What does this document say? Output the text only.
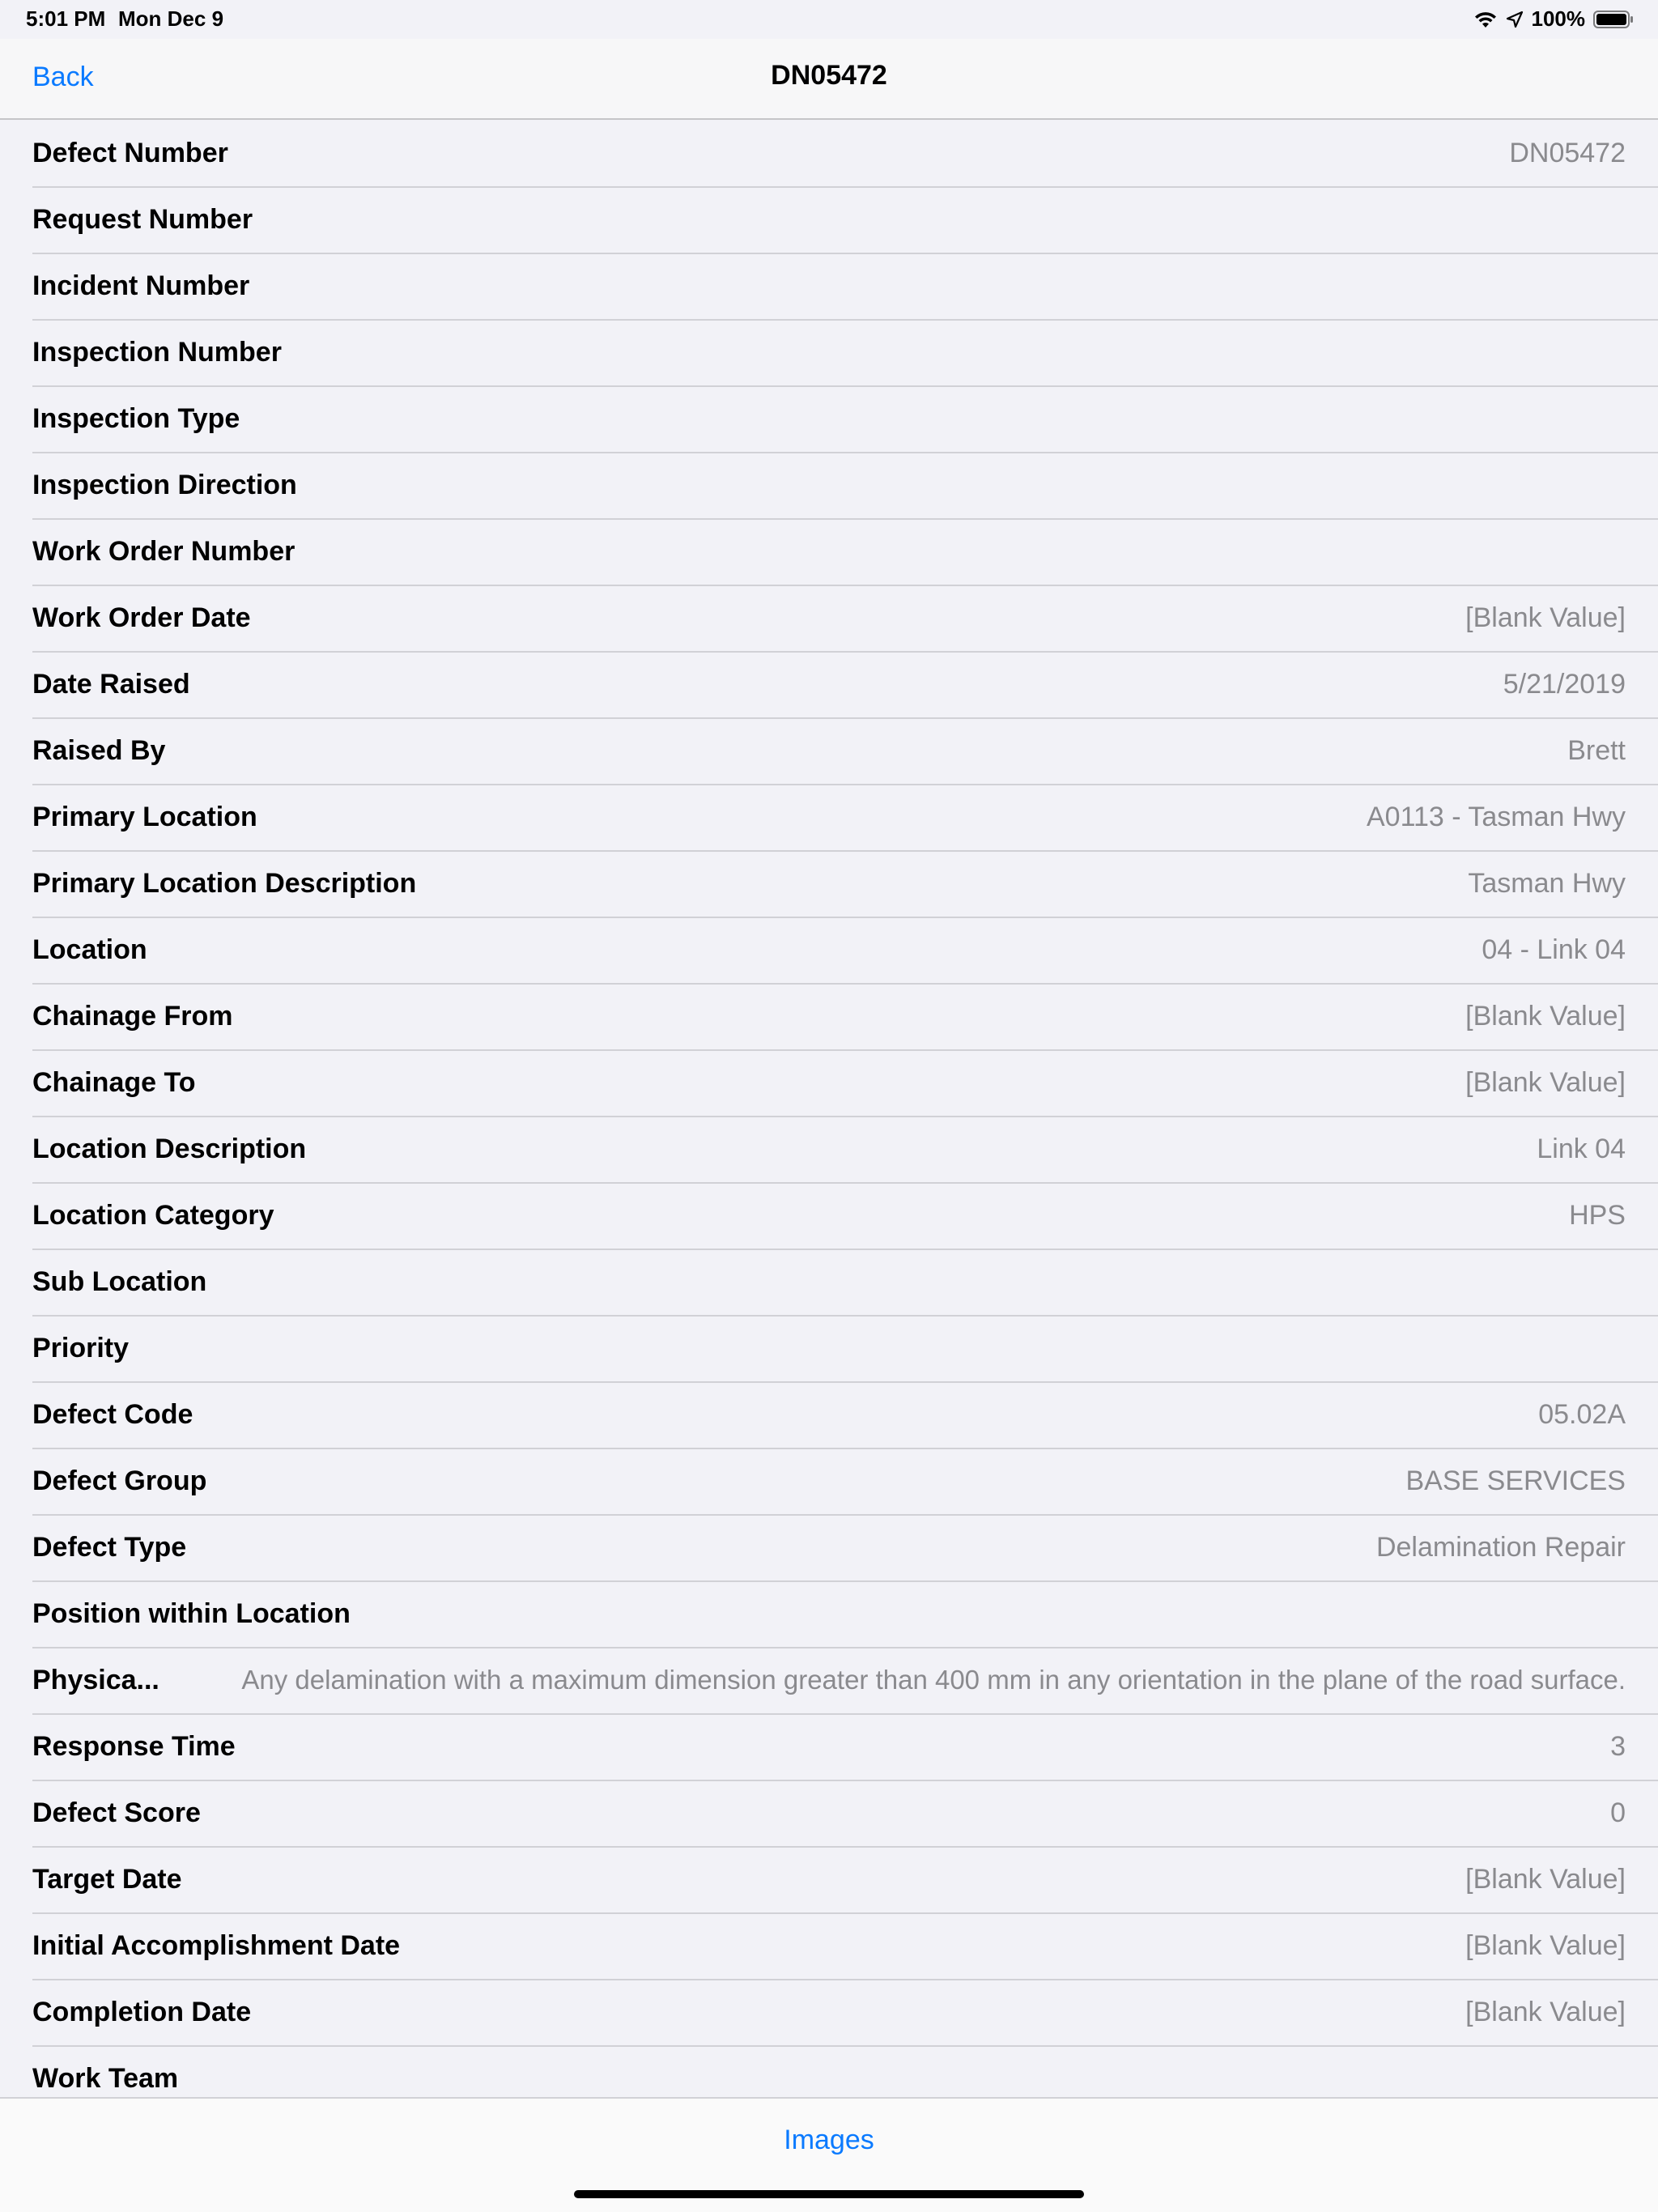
5:01 PM Mon Dec 9	100%
Back	DN05472
Defect Number	DN05472
Request Number
Incident Number
Inspection Number
Inspection Type
Inspection Direction
Work Order Number
Work Order Date	[Blank Value]
Date Raised	5/21/2019
Raised By	Brett
Primary Location	A0113 - Tasman Hwy
Primary Location Description	Tasman Hwy
Location	04 - Link 04
Chainage From	[Blank Value]
Chainage To	[Blank Value]
Location Description	Link 04
Location Category	HPS
Sub Location
Priority
Defect Code	05.02A
Defect Group	BASE SERVICES
Defect Type	Delamination Repair
Position within Location
Physica...	Any delamination with a maximum dimension greater than 400 mm in any orientation in the plane of the road surface.
Response Time	3
Defect Score	0
Target Date	[Blank Value]
Initial Accomplishment Date	[Blank Value]
Completion Date	[Blank Value]
Work Team
Images
